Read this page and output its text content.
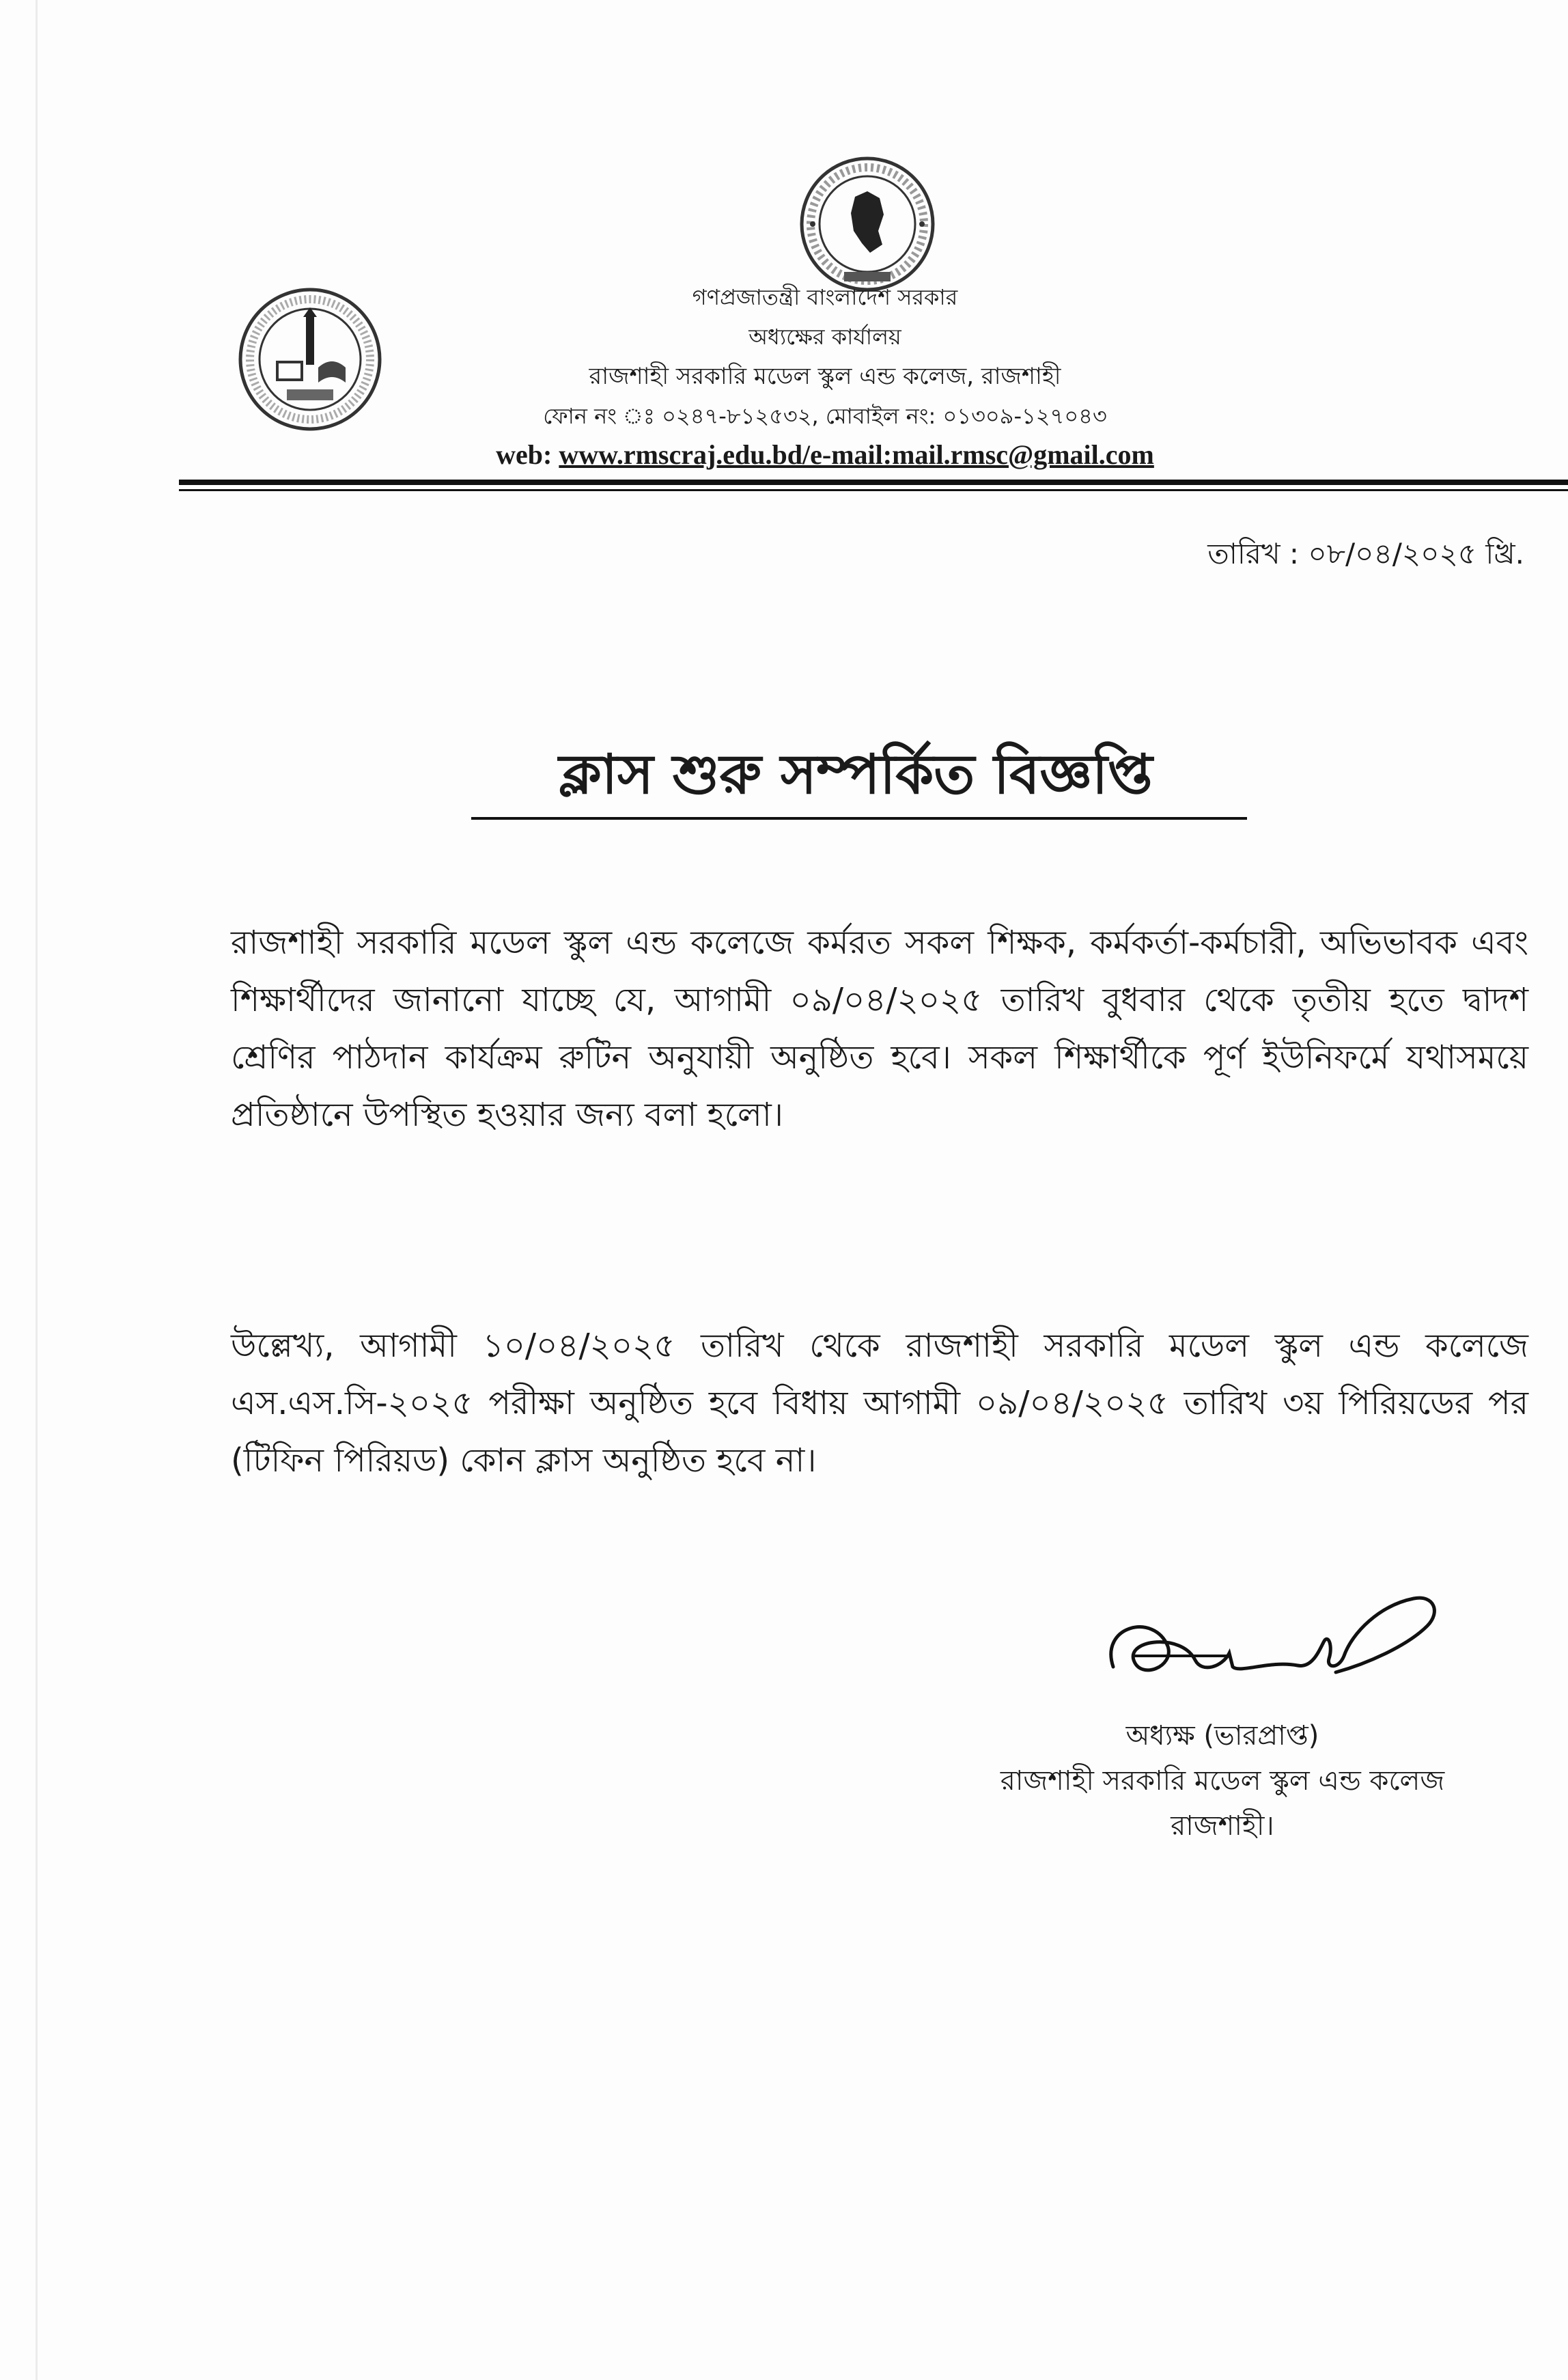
গণপ্রজাতন্ত্রী বাংলাদেশ সরকার
অধ্যক্ষের কার্যালয়
রাজশাহী সরকারি মডেল স্কুল এন্ড কলেজ, রাজশাহী
ফোন নং ঃ ০২৪৭-৮১২৫৩২, মোবাইল নং: ০১৩০৯-১২৭০৪৩
web: www.rmscraj.edu.bd/e-mail:mail.rmsc@gmail.com
তারিখ : ০৮/০৪/২০২৫ খ্রি.
ক্লাস শুরু সম্পর্কিত বিজ্ঞপ্তি

রাজশাহী সরকারি মডেল স্কুল এন্ড কলেজে কর্মরত সকল শিক্ষক, কর্মকর্তা-কর্মচারী, অভিভাবক এবং শিক্ষার্থীদের জানানো যাচ্ছে যে, আগামী ০৯/০৪/২০২৫ তারিখ বুধবার থেকে তৃতীয় হতে দ্বাদশ শ্রেণির পাঠদান কার্যক্রম রুটিন অনুযায়ী অনুষ্ঠিত হবে। সকল শিক্ষার্থীকে পূর্ণ ইউনিফর্মে যথাসময়ে প্রতিষ্ঠানে উপস্থিত হওয়ার জন্য বলা হলো।

উল্লেখ্য, আগামী ১০/০৪/২০২৫ তারিখ থেকে রাজশাহী সরকারি মডেল স্কুল এন্ড কলেজে এস.এস.সি-২০২৫ পরীক্ষা অনুষ্ঠিত হবে বিধায় আগামী ০৯/০৪/২০২৫ তারিখ ৩য় পিরিয়ডের পর (টিফিন পিরিয়ড) কোন ক্লাস অনুষ্ঠিত হবে না।

অধ্যক্ষ (ভারপ্রাপ্ত)
রাজশাহী সরকারি মডেল স্কুল এন্ড কলেজ
রাজশাহী।
